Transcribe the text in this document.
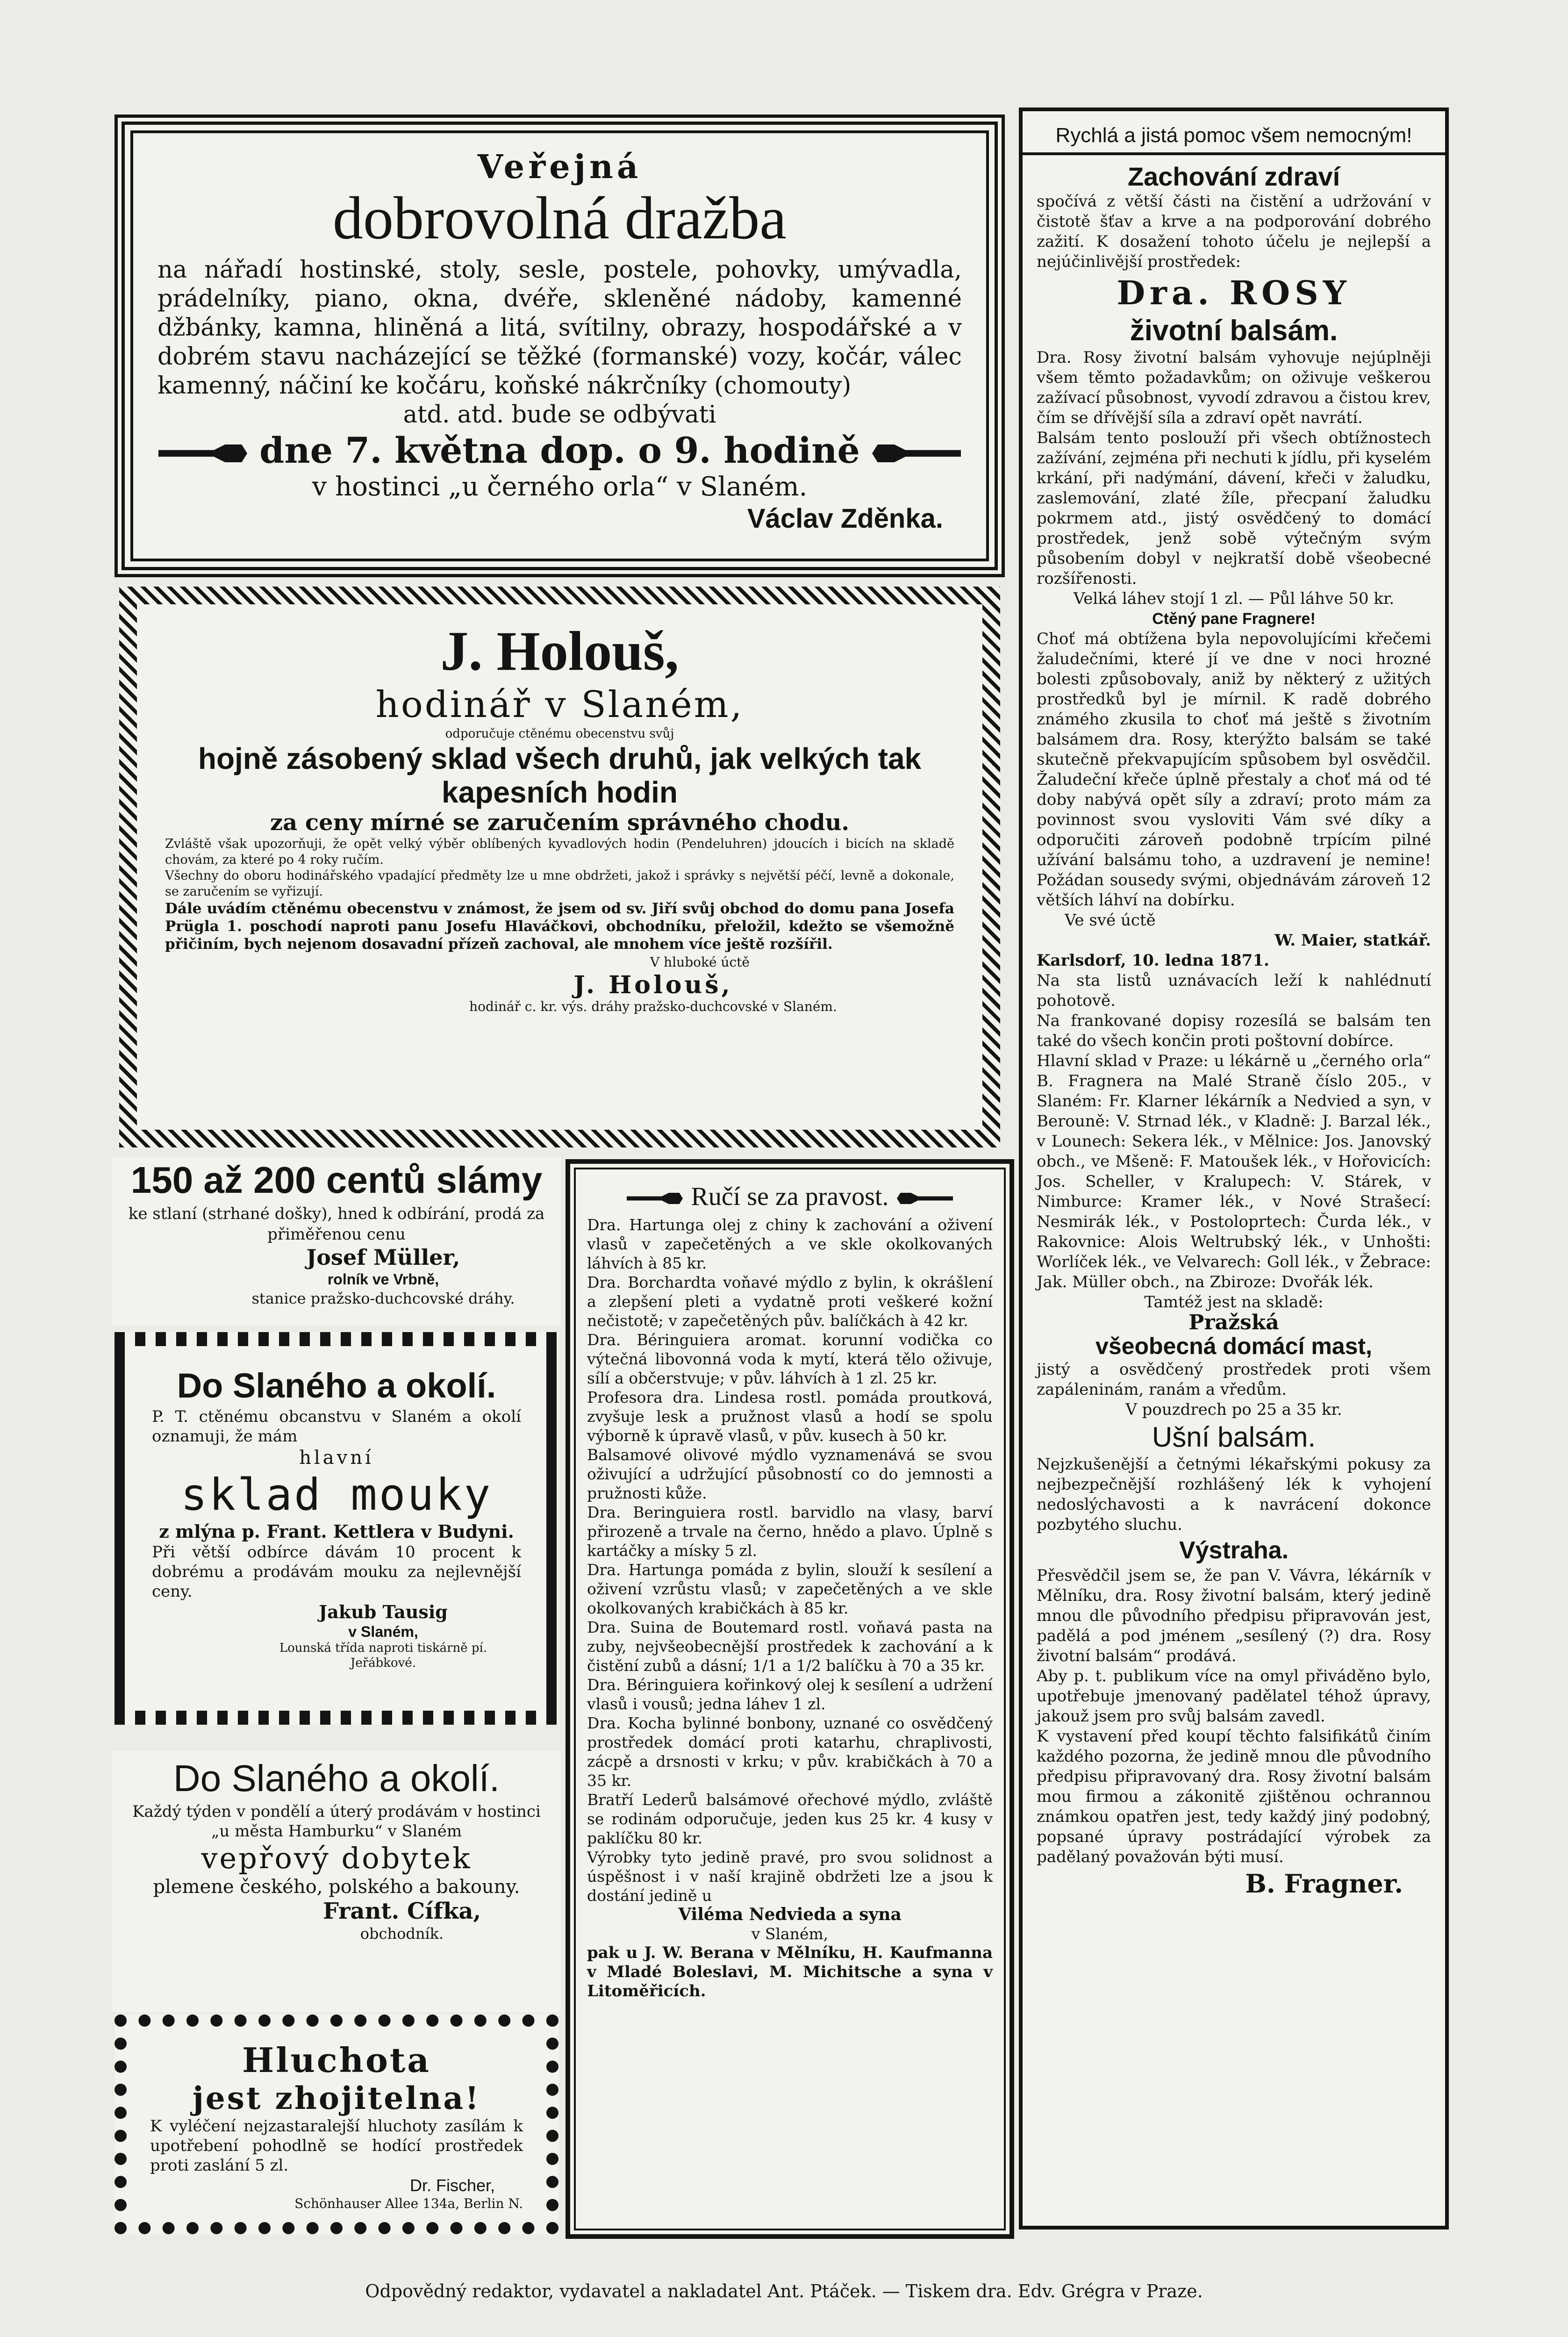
Veřejná

dobrovolná dražba

na nářadí hostinské, stoly, sesle, postele, pohovky, umývadla, prádelníky, piano, okna, dvéře, skleněné nádoby, kamenné džbánky, kamna, hliněná a litá, svítilny, obrazy, hospodářské a v dobrém stavu nacházející se těžké (formanské) vozy, kočár, válec kamenný, náčiní ke kočáru, koňské nákrčníky (chomouty)

atd. atd. bude se odbývati

dne 7. května dop. o 9. hodině

v hostinci „u černého orla“ v Slaném.

Václav Zděnka.

J. Holouš,

hodinář v Slaném,

odporučuje ctěnému obecenstvu svůj

hojně zásobený sklad všech druhů, jak velkých tak kapesních hodin

za ceny mírné se zaručením správného chodu.

Zvláště však upozorňuji, že opět velký výběr oblíbených kyvadlových hodin (Pendeluhren) jdoucích i bicích na skladě chovám, za které po 4 roky ručím.

Všechny do oboru hodinářského vpadající předměty lze u mne obdržeti, jakož i správky s největší péčí, levně a dokonale, se zaručením se vyřizují.

Dále uvádím ctěnému obecenstvu v známost, že jsem od sv. Jiří svůj obchod do domu pana Josefa Prügla 1. poschodí naproti panu Josefu Hlaváčkovi, obchodníku, přeložil, kdežto se všemožně přičiním, bych nejenom dosavadní přízeň zachoval, ale mnohem více ještě rozšířil.

V hluboké úctě

J. Holouš,

hodinář c. kr. výs. dráhy pražsko-duchcovské v Slaném.

150 až 200 centů slámy

ke stlaní (strhané došky), hned k odbírání, prodá za přiměřenou cenu

Josef Müller,

rolník ve Vrbně,

stanice pražsko-duchcovské dráhy.

Do Slaného a okolí.

P. T. ctěnému obcanstvu v Slaném a okolí oznamuji, že mám

hlavní

sklad mouky

z mlýna p. Frant. Kettlera v Budyni.

Při větší odbírce dávám 10 procent k dobrému a prodávám mouku za nejlevnější ceny.

Jakub Tausig

v Slaném,

Lounská třída naproti tiskárně pí. Jeřábkové.

Do Slaného a okolí.

Každý týden v pondělí a úterý prodávám v hostinci „u města Hamburku“ v Slaném

vepřový dobytek

plemene českého, polského a bakouny.

Frant. Cífka,

obchodník.

Hluchota

jest zhojitelna!

K vyléčení nejzastaralejší hluchoty zasílám k upotřebení pohodlně se hodící prostředek proti zaslání 5 zl.

Dr. Fischer,

Schönhauser Allee 134a, Berlin N.

Ručí se za pravost.

Dra. Hartunga olej z chiny k zachování a oživení vlasů v zapečetěných a ve skle okolkovaných láhvích à 85 kr.

Dra. Borchardta voňavé mýdlo z bylin, k okrášlení a zlepšení pleti a vydatně proti veškeré kožní nečistotě; v zapečetěných pův. balíčkách à 42 kr.

Dra. Béringuiera aromat. korunní vodička co výtečná libovonná voda k mytí, která tělo oživuje, sílí a občerstvuje; v pův. láhvích à 1 zl. 25 kr.

Profesora dra. Lindesa rostl. pomáda proutková, zvyšuje lesk a pružnost vlasů a hodí se spolu výborně k úpravě vlasů, v pův. kusech à 50 kr.

Balsamové olivové mýdlo vyznamenává se svou oživující a udržující působností co do jemnosti a pružnosti kůže.

Dra. Beringuiera rostl. barvidlo na vlasy, barví přirozeně a trvale na černo, hnědo a plavo. Úplně s kartáčky a mísky 5 zl.

Dra. Hartunga pomáda z bylin, slouží k sesílení a oživení vzrůstu vlasů; v zapečetěných a ve skle okolkovaných krabičkách à 85 kr.

Dra. Suina de Boutemard rostl. voňavá pasta na zuby, nejvšeobecnější prostředek k zachování a k čistění zubů a dásní; 1/1 a 1/2 balíčku à 70 a 35 kr.

Dra. Béringuiera kořinkový olej k sesílení a udržení vlasů i vousů; jedna láhev 1 zl.

Dra. Kocha bylinné bonbony, uznané co osvědčený prostředek domácí proti katarhu, chraplivosti, zácpě a drsnosti v krku; v pův. krabičkách à 70 a 35 kr.

Bratří Lederů balsámové ořechové mýdlo, zvláště se rodinám odporučuje, jeden kus 25 kr. 4 kusy v paklíčku 80 kr.

Výrobky tyto jedině pravé, pro svou solidnost a úspěšnost i v naší krajině obdržeti lze a jsou k dostání jedině u

Viléma Nedvieda a syna

v Slaném,

pak u J. W. Berana v Mělníku, H. Kaufmanna v Mladé Boleslavi, M. Michitsche a syna v Litoměřicích.

Rychlá a jistá pomoc všem nemocným!

Zachování zdraví

spočívá z větší části na čistění a udržování v čistotě šťav a krve a na podporování dobrého zažití. K dosažení tohoto účelu je nejlepší a nejúčinlivější prostředek:

Dra. ROSY

životní balsám.

Dra. Rosy životní balsám vyhovuje nejúplněji všem těmto požadavkům; on oživuje veškerou zažívací působnost, vyvodí zdravou a čistou krev, čím se dřívější síla a zdraví opět navrátí.

Balsám tento poslouží při všech obtížnostech zažívání, zejména při nechuti k jídlu, při kyselém krkání, při nadýmání, dávení, křeči v žaludku, zaslemování, zlaté žíle, přecpaní žaludku pokrmem atd., jistý osvědčený to domácí prostředek, jenž sobě výtečným svým působením dobyl v nejkratší době všeobecné rozšířenosti.

Velká láhev stojí 1 zl. — Půl láhve 50 kr.

Ctěný pane Fragnere!

Choť má obtížena byla nepovolujícími křečemi žaludečními, které jí ve dne v noci hrozné bolesti způsobovaly, aniž by některý z užitých prostředků byl je mírnil. K radě dobrého známého zkusila to choť má ještě s životním balsámem dra. Rosy, kterýžto balsám se také skutečně překvapujícím spůsobem byl osvědčil. Žaludeční křeče úplně přestaly a choť má od té doby nabývá opět síly a zdraví; proto mám za povinnost svou vysloviti Vám své díky a odporučiti zároveň podobně trpícím pilné užívání balsámu toho, a uzdravení je nemine! Požádan sousedy svými, objednávám zároveň 12 větších láhví na dobírku.

Ve své úctě

W. Maier, statkář.

Karlsdorf, 10. ledna 1871.

Na sta listů uznávacích leží k nahlédnutí pohotově.

Na frankované dopisy rozesílá se balsám ten také do všech končin proti poštovní dobírce.

Hlavní sklad v Praze: u lékárně u „černého orla“ B. Fragnera na Malé Straně číslo 205., v Slaném: Fr. Klarner lékárník a Nedvied a syn, v Berouně: V. Strnad lék., v Kladně: J. Barzal lék., v Lounech: Sekera lék., v Mělnice: Jos. Janovský obch., ve Mšeně: F. Matoušek lék., v Hořovicích: Jos. Scheller, v Kralupech: V. Stárek, v Nimburce: Kramer lék., v Nové Strašecí: Nesmirák lék., v Postoloprtech: Čurda lék., v Rakovnice: Alois Weltrubský lék., v Unhošti: Worlíček lék., ve Velvarech: Goll lék., v Žebrace: Jak. Müller obch., na Zbiroze: Dvořák lék.

Tamtéž jest na skladě:

Pražská

všeobecná domácí mast,

jistý a osvědčený prostředek proti všem zapáleninám, ranám a vředům.

V pouzdrech po 25 a 35 kr.

Ušní balsám.

Nejzkušenější a četnými lékařskými pokusy za nejbezpečnější rozhlášený lék k vyhojení nedoslýchavosti a k navrácení dokonce pozbytého sluchu.

Výstraha.

Přesvědčil jsem se, že pan V. Vávra, lékárník v Mělníku, dra. Rosy životní balsám, který jedině mnou dle původního předpisu připravován jest, padělá a pod jménem „sesílený (?) dra. Rosy životní balsám“ prodává.

Aby p. t. publikum více na omyl přiváděno bylo, upotřebuje jmenovaný padělatel téhož úpravy, jakouž jsem pro svůj balsám zavedl.

K vystavení před koupí těchto falsifikátů činím každého pozorna, že jedině mnou dle původního předpisu připravovaný dra. Rosy životní balsám mou firmou a zákonitě zjištěnou ochrannou známkou opatřen jest, tedy každý jiný podobný, popsané úpravy postrádající výrobek za padělaný považován býti musí.

B. Fragner.

Odpovědný redaktor, vydavatel a nakladatel Ant. Ptáček. — Tiskem dra. Edv. Grégra v Praze.
